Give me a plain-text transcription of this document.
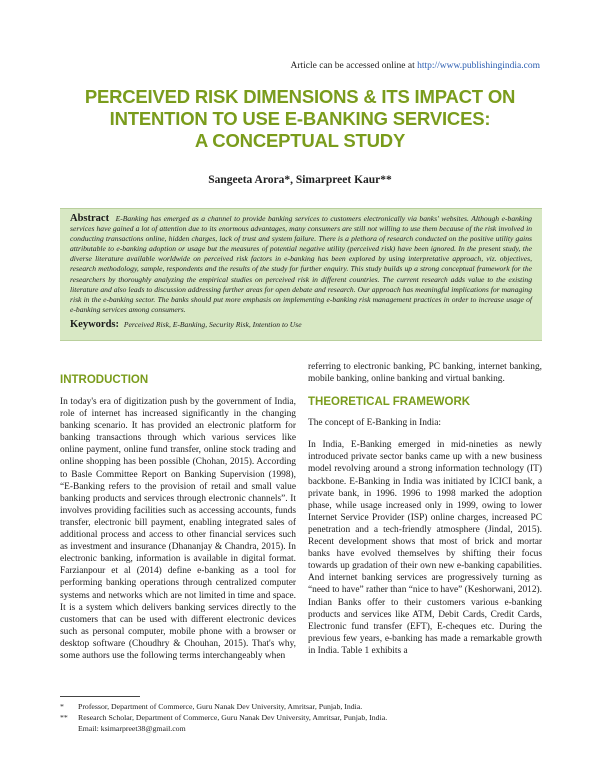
Article can be accessed online at http://www.publishingindia.com
PERCEIVED RISK DIMENSIONS & ITS IMPACT ON
INTENTION TO USE E-BANKING SERVICES:
A CONCEPTUAL STUDY
Sangeeta Arora*, Simarpreet Kaur**
Abstract E-Banking has emerged as a channel to provide banking services to customers electronically via banks' websites. Although e-banking services have gained a lot of attention due to its enormous advantages, many consumers are still not willing to use them because of the risk involved in conducting transactions online, hidden charges, lack of trust and system failure. There is a plethora of research conducted on the positive utility gains attributable to e-banking adoption or usage but the measures of potential negative utility (perceived risk) have been ignored. In the present study, the diverse literature available worldwide on perceived risk factors in e-banking has been explored by using interpretative approach, viz. objectives, research methodology, sample, respondents and the results of the study for further enquiry. This study builds up a strong conceptual framework for the researchers by thoroughly analyzing the empirical studies on perceived risk in different countries. The current research adds value to the existing literature and also leads to discussion addressing further areas for open debate and research. Our approach has meaningful implications for managing risk in the e-banking sector. The banks should put more emphasis on implementing e-banking risk management practices in order to increase usage of e-banking services among consumers.
Keywords: Perceived Risk, E-Banking, Security Risk, Intention to Use
INTRODUCTION

In today's era of digitization push by the government of India, role of internet has increased significantly in the changing banking scenario. It has provided an electronic platform for banking transactions through which various services like online payment, online fund transfer, online stock trading and online shopping has been possible (Chohan, 2015). According to Basle Committee Report on Banking Supervision (1998), “E-Banking refers to the provision of retail and small value banking products and services through electronic channels”. It involves providing facilities such as accessing accounts, funds transfer, electronic bill payment, enabling integrated sales of additional process and access to other financial services such as investment and insurance (Dhananjay & Chandra, 2015). In electronic banking, information is available in digital format. Farzianpour et al (2014) define e-banking as a tool for performing banking operations through centralized computer systems and networks which are not limited in time and space. It is a system which delivers banking services directly to the customers that can be used with different electronic devices such as personal computer, mobile phone with a browser or desktop software (Choudhry & Chouhan, 2015). That's why, some authors use the following terms interchangeably when

referring to electronic banking, PC banking, internet banking, mobile banking, online banking and virtual banking.

THEORETICAL FRAMEWORK

The concept of E-Banking in India:

In India, E-Banking emerged in mid-nineties as newly introduced private sector banks came up with a new business model revolving around a strong information technology (IT) backbone. E-Banking in India was initiated by ICICI bank, a private bank, in 1996. 1996 to 1998 marked the adoption phase, while usage increased only in 1999, owing to lower Internet Service Provider (ISP) online charges, increased PC penetration and a tech-friendly atmosphere (Jindal, 2015). Recent development shows that most of brick and mortar banks have evolved themselves by shifting their focus towards up gradation of their own new e-banking capabilities. And internet banking services are progressively turning as “need to have” rather than “nice to have” (Keshorwani, 2012). Indian Banks offer to their customers various e-banking products and services like ATM, Debit Cards, Credit Cards, Electronic fund transfer (EFT), E-cheques etc. During the previous few years, e-banking has made a remarkable growth in India. Table 1 exhibits a

*	Professor, Department of Commerce, Guru Nanak Dev University, Amritsar, Punjab, India.
**	Research Scholar, Department of Commerce, Guru Nanak Dev University, Amritsar, Punjab, India.
Email: ksimarpreet38@gmail.com
